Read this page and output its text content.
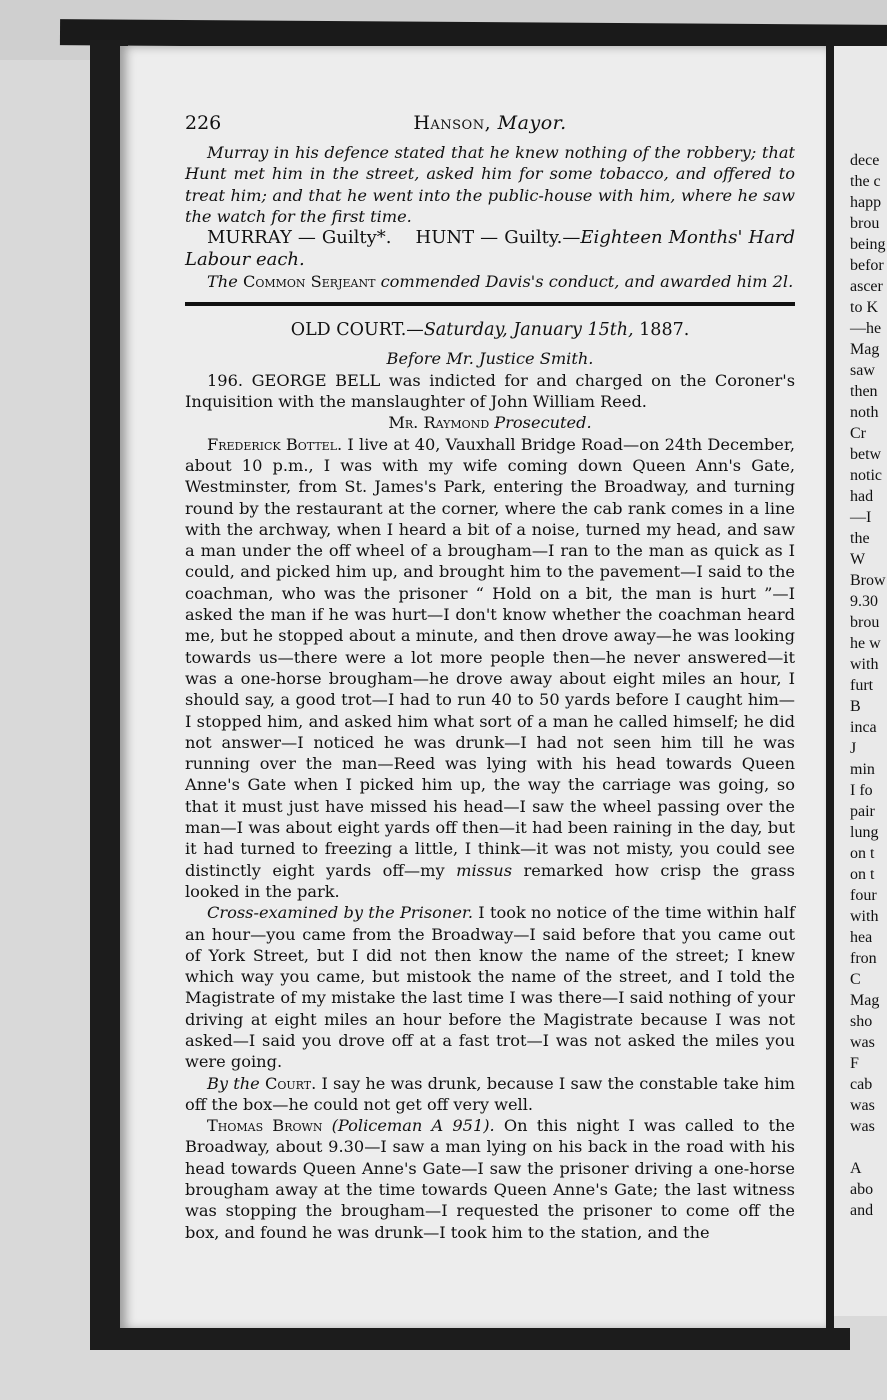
dece
the c
happ
brou
being
befor
ascer
to K
—he
Mag
saw
then
noth
Cr
betw
notic
had
—I
the
W
Brow
9.30
brou
he w
with
furt
B
inca
J
min
I fo
pair
lung
on t
on t
four
with
hea
fron
C
Mag
sho
was
F
cab
was
was

A
abo
and
226	Hanson, Mayor.

Murray in his defence stated that he knew nothing of the robbery; that Hunt met him in the street, asked him for some tobacco, and offered to treat him; and that he went into the public-house with him, where he saw the watch for the first time.

MURRAY — Guilty*. HUNT — Guilty.—Eighteen Months' Hard Labour each.

The Common Serjeant commended Davis's conduct, and awarded him 2l.

OLD COURT.—Saturday, January 15th, 1887.

Before Mr. Justice Smith.

196. GEORGE BELL was indicted for and charged on the Coroner's Inquisition with the manslaughter of John William Reed.

Mr. Raymond Prosecuted.

Frederick Bottel. I live at 40, Vauxhall Bridge Road—on 24th December, about 10 p.m., I was with my wife coming down Queen Ann's Gate, Westminster, from St. James's Park, entering the Broadway, and turning round by the restaurant at the corner, where the cab rank comes in a line with the archway, when I heard a bit of a noise, turned my head, and saw a man under the off wheel of a brougham—I ran to the man as quick as I could, and picked him up, and brought him to the pavement—I said to the coachman, who was the prisoner “ Hold on a bit, the man is hurt ”—I asked the man if he was hurt—I don't know whether the coachman heard me, but he stopped about a minute, and then drove away—he was looking towards us—there were a lot more people then—he never answered—it was a one-horse brougham—he drove away about eight miles an hour, I should say, a good trot—I had to run 40 to 50 yards before I caught him—I stopped him, and asked him what sort of a man he called himself; he did not answer—I noticed he was drunk—I had not seen him till he was running over the man—Reed was lying with his head towards Queen Anne's Gate when I picked him up, the way the carriage was going, so that it must just have missed his head—I saw the wheel passing over the man—I was about eight yards off then—it had been raining in the day, but it had turned to freezing a little, I think—it was not misty, you could see distinctly eight yards off—my missus remarked how crisp the grass looked in the park.

Cross-examined by the Prisoner. I took no notice of the time within half an hour—you came from the Broadway—I said before that you came out of York Street, but I did not then know the name of the street; I knew which way you came, but mistook the name of the street, and I told the Magistrate of my mistake the last time I was there—I said nothing of your driving at eight miles an hour before the Magistrate because I was not asked—I said you drove off at a fast trot—I was not asked the miles you were going.

By the Court. I say he was drunk, because I saw the constable take him off the box—he could not get off very well.

Thomas Brown (Policeman A 951). On this night I was called to the Broadway, about 9.30—I saw a man lying on his back in the road with his head towards Queen Anne's Gate—I saw the prisoner driving a one-horse brougham away at the time towards Queen Anne's Gate; the last witness was stopping the brougham—I requested the prisoner to come off the box, and found he was drunk—I took him to the station, and the
